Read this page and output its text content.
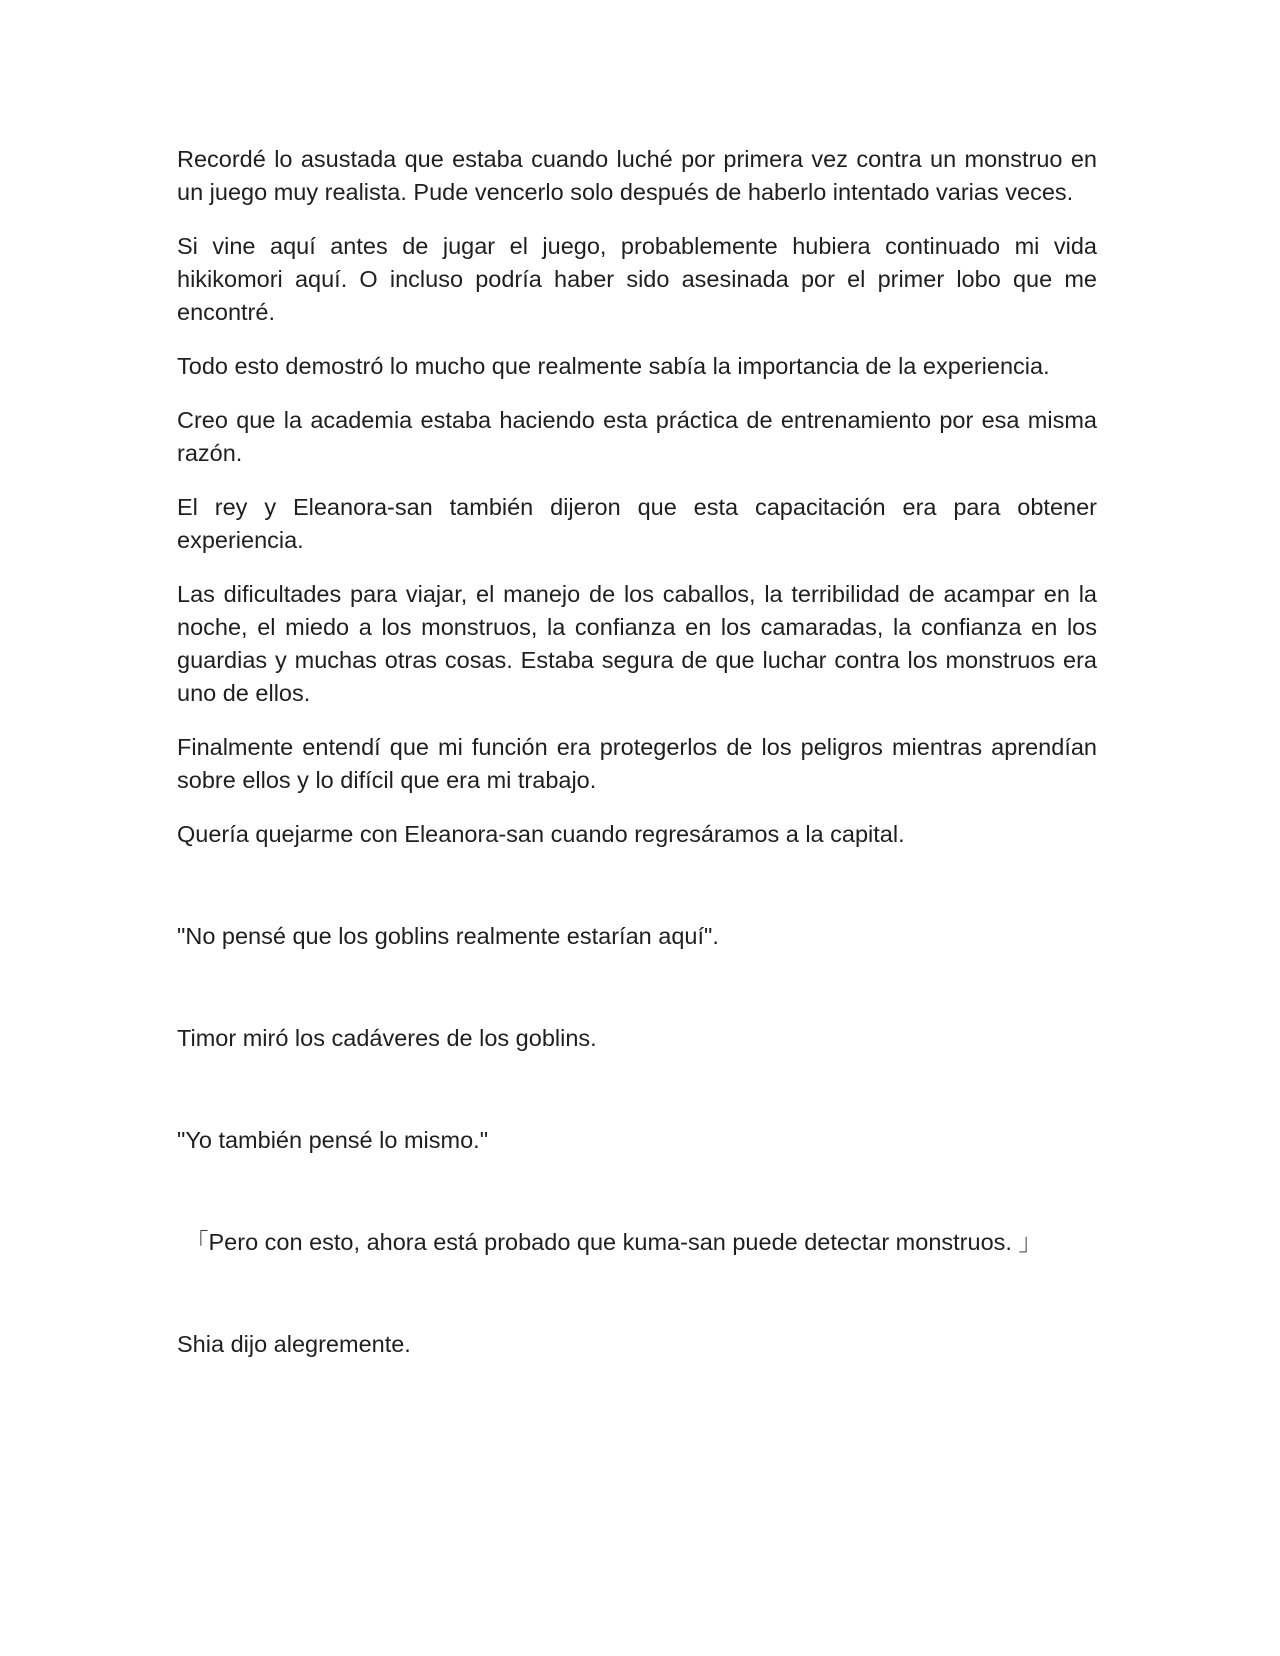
Recordé lo asustada que estaba cuando luché por primera vez contra un monstruo en un juego muy realista. Pude vencerlo solo después de haberlo intentado varias veces.

Si vine aquí antes de jugar el juego, probablemente hubiera continuado mi vida hikikomori aquí. O incluso podría haber sido asesinada por el primer lobo que me encontré.

Todo esto demostró lo mucho que realmente sabía la importancia de la experiencia.

Creo que la academia estaba haciendo esta práctica de entrenamiento por esa misma razón.

El rey y Eleanora-san también dijeron que esta capacitación era para obtener experiencia.

Las dificultades para viajar, el manejo de los caballos, la terribilidad de acampar en la noche, el miedo a los monstruos, la confianza en los camaradas, la confianza en los guardias y muchas otras cosas. Estaba segura de que luchar contra los monstruos era uno de ellos.

Finalmente entendí que mi función era protegerlos de los peligros mientras aprendían sobre ellos y lo difícil que era mi trabajo.

Quería quejarme con Eleanora-san cuando regresáramos a la capital.

"No pensé que los goblins realmente estarían aquí".

Timor miró los cadáveres de los goblins.

"Yo también pensé lo mismo."

「Pero con esto, ahora está probado que kuma-san puede detectar monstruos. 」

Shia dijo alegremente.
